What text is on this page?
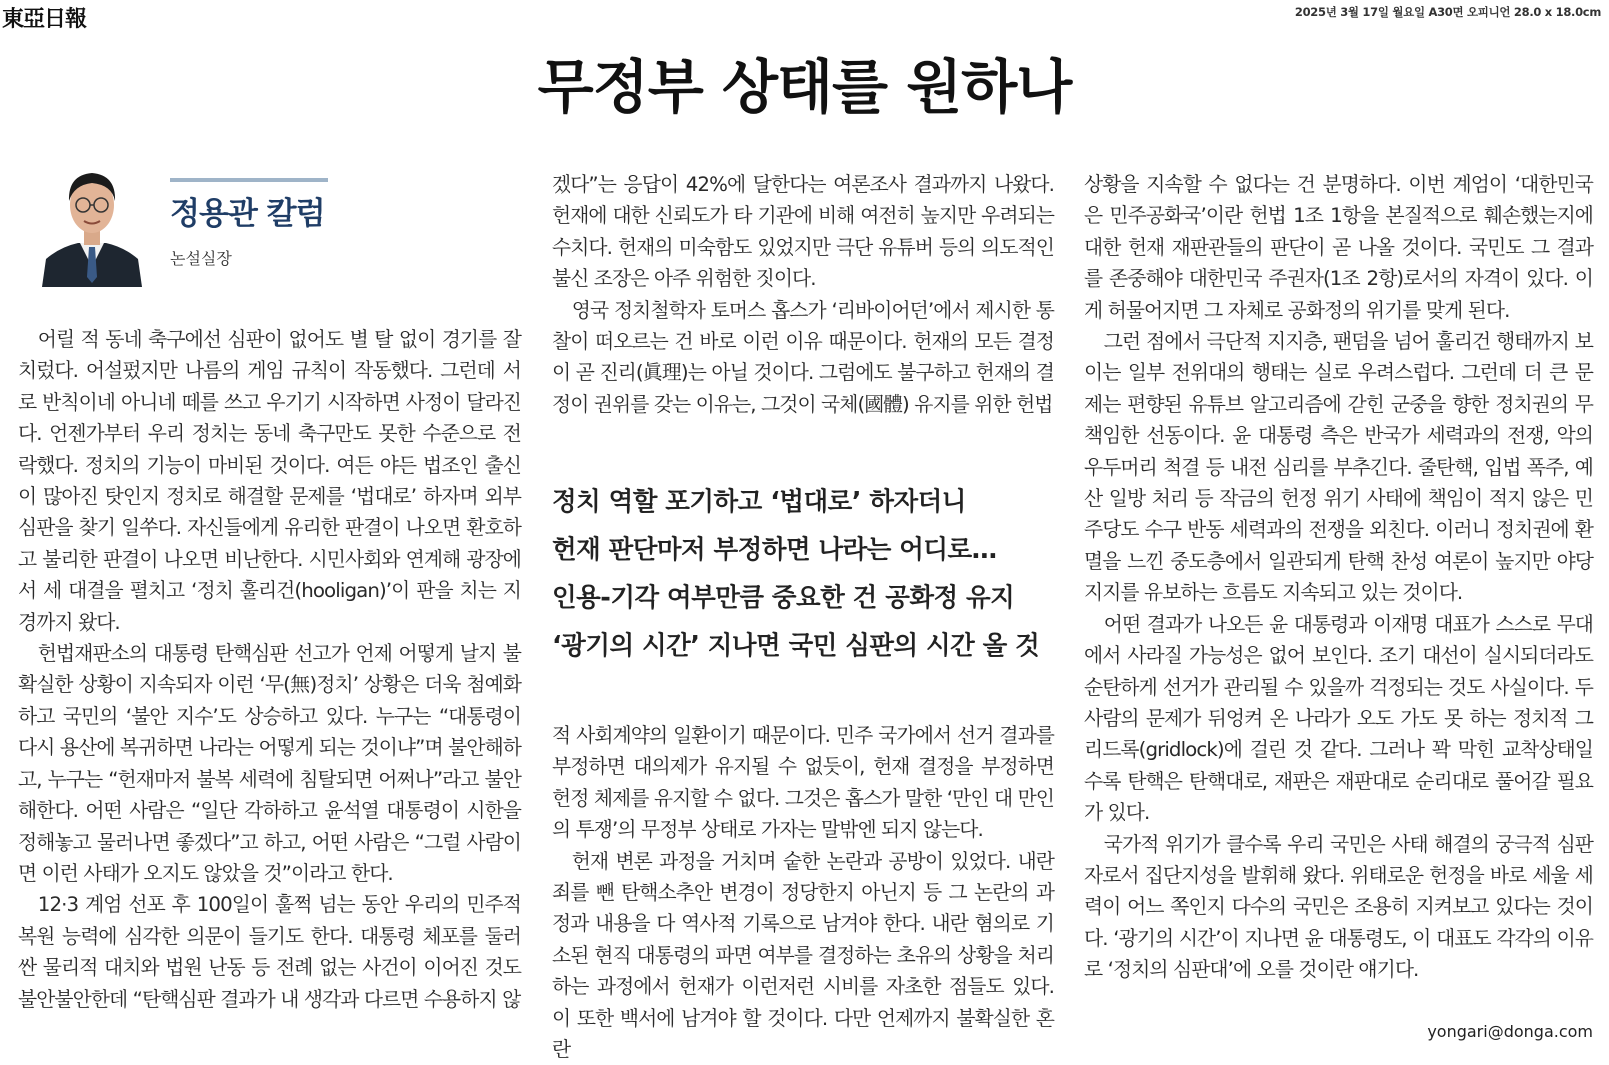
東亞日報	2025년 3월 17일 월요일 A30면 오피니언 28.0 x 18.0cm
무정부 상태를 원하나
정용관 칼럼
논설실장

어릴 적 동네 축구에선 심판이 없어도 별 탈 없이 경기를 잘 치렀다. 어설펐지만 나름의 게임 규칙이 작동했다. 그런데 서로 반칙이네 아니네 떼를 쓰고 우기기 시작하면 사정이 달라진다. 언젠가부터 우리 정치는 동네 축구만도 못한 수준으로 전락했다. 정치의 기능이 마비된 것이다. 여든 야든 법조인 출신이 많아진 탓인지 정치로 해결할 문제를 ‘법대로’ 하자며 외부 심판을 찾기 일쑤다. 자신들에게 유리한 판결이 나오면 환호하고 불리한 판결이 나오면 비난한다. 시민사회와 연계해 광장에서 세 대결을 펼치고 ‘정치 훌리건(hooligan)’이 판을 치는 지경까지 왔다.

헌법재판소의 대통령 탄핵심판 선고가 언제 어떻게 날지 불확실한 상황이 지속되자 이런 ‘무(無)정치’ 상황은 더욱 첨예화하고 국민의 ‘불안 지수’도 상승하고 있다. 누구는 “대통령이 다시 용산에 복귀하면 나라는 어떻게 되는 것이냐”며 불안해하고, 누구는 “헌재마저 불복 세력에 침탈되면 어쩌나”라고 불안해한다. 어떤 사람은 “일단 각하하고 윤석열 대통령이 시한을 정해놓고 물러나면 좋겠다”고 하고, 어떤 사람은 “그럴 사람이면 이런 사태가 오지도 않았을 것”이라고 한다.

12·3 계엄 선포 후 100일이 훌쩍 넘는 동안 우리의 민주적 복원 능력에 심각한 의문이 들기도 한다. 대통령 체포를 둘러싼 물리적 대치와 법원 난동 등 전례 없는 사건이 이어진 것도 불안불안한데 “탄핵심판 결과가 내 생각과 다르면 수용하지 않

겠다”는 응답이 42%에 달한다는 여론조사 결과까지 나왔다. 헌재에 대한 신뢰도가 타 기관에 비해 여전히 높지만 우려되는 수치다. 헌재의 미숙함도 있었지만 극단 유튜버 등의 의도적인 불신 조장은 아주 위험한 짓이다.

영국 정치철학자 토머스 홉스가 ‘리바이어던’에서 제시한 통찰이 떠오르는 건 바로 이런 이유 때문이다. 헌재의 모든 결정이 곧 진리(眞理)는 아닐 것이다. 그럼에도 불구하고 헌재의 결정이 권위를 갖는 이유는, 그것이 국체(國體) 유지를 위한 헌법

정치 역할 포기하고 ‘법대로’ 하자더니
헌재 판단마저 부정하면 나라는 어디로…
인용-기각 여부만큼 중요한 건 공화정 유지
‘광기의 시간’ 지나면 국민 심판의 시간 올 것

적 사회계약의 일환이기 때문이다. 민주 국가에서 선거 결과를 부정하면 대의제가 유지될 수 없듯이, 헌재 결정을 부정하면 헌정 체제를 유지할 수 없다. 그것은 홉스가 말한 ‘만인 대 만인의 투쟁’의 무정부 상태로 가자는 말밖엔 되지 않는다.

헌재 변론 과정을 거치며 숱한 논란과 공방이 있었다. 내란죄를 뺀 탄핵소추안 변경이 정당한지 아닌지 등 그 논란의 과정과 내용을 다 역사적 기록으로 남겨야 한다. 내란 혐의로 기소된 현직 대통령의 파면 여부를 결정하는 초유의 상황을 처리하는 과정에서 헌재가 이런저런 시비를 자초한 점들도 있다. 이 또한 백서에 남겨야 할 것이다. 다만 언제까지 불확실한 혼란

상황을 지속할 수 없다는 건 분명하다. 이번 계엄이 ‘대한민국은 민주공화국’이란 헌법 1조 1항을 본질적으로 훼손했는지에 대한 헌재 재판관들의 판단이 곧 나올 것이다. 국민도 그 결과를 존중해야 대한민국 주권자(1조 2항)로서의 자격이 있다. 이게 허물어지면 그 자체로 공화정의 위기를 맞게 된다.

그런 점에서 극단적 지지층, 팬덤을 넘어 훌리건 행태까지 보이는 일부 전위대의 행태는 실로 우려스럽다. 그런데 더 큰 문제는 편향된 유튜브 알고리즘에 갇힌 군중을 향한 정치권의 무책임한 선동이다. 윤 대통령 측은 반국가 세력과의 전쟁, 악의 우두머리 척결 등 내전 심리를 부추긴다. 줄탄핵, 입법 폭주, 예산 일방 처리 등 작금의 헌정 위기 사태에 책임이 적지 않은 민주당도 수구 반동 세력과의 전쟁을 외친다. 이러니 정치권에 환멸을 느낀 중도층에서 일관되게 탄핵 찬성 여론이 높지만 야당 지지를 유보하는 흐름도 지속되고 있는 것이다.

어떤 결과가 나오든 윤 대통령과 이재명 대표가 스스로 무대에서 사라질 가능성은 없어 보인다. 조기 대선이 실시되더라도 순탄하게 선거가 관리될 수 있을까 걱정되는 것도 사실이다. 두 사람의 문제가 뒤엉켜 온 나라가 오도 가도 못 하는 정치적 그리드록(gridlock)에 걸린 것 같다. 그러나 꽉 막힌 교착상태일수록 탄핵은 탄핵대로, 재판은 재판대로 순리대로 풀어갈 필요가 있다.

국가적 위기가 클수록 우리 국민은 사태 해결의 궁극적 심판자로서 집단지성을 발휘해 왔다. 위태로운 헌정을 바로 세울 세력이 어느 쪽인지 다수의 국민은 조용히 지켜보고 있다는 것이다. ‘광기의 시간’이 지나면 윤 대통령도, 이 대표도 각각의 이유로 ‘정치의 심판대’에 오를 것이란 얘기다.

yongari@donga.com
